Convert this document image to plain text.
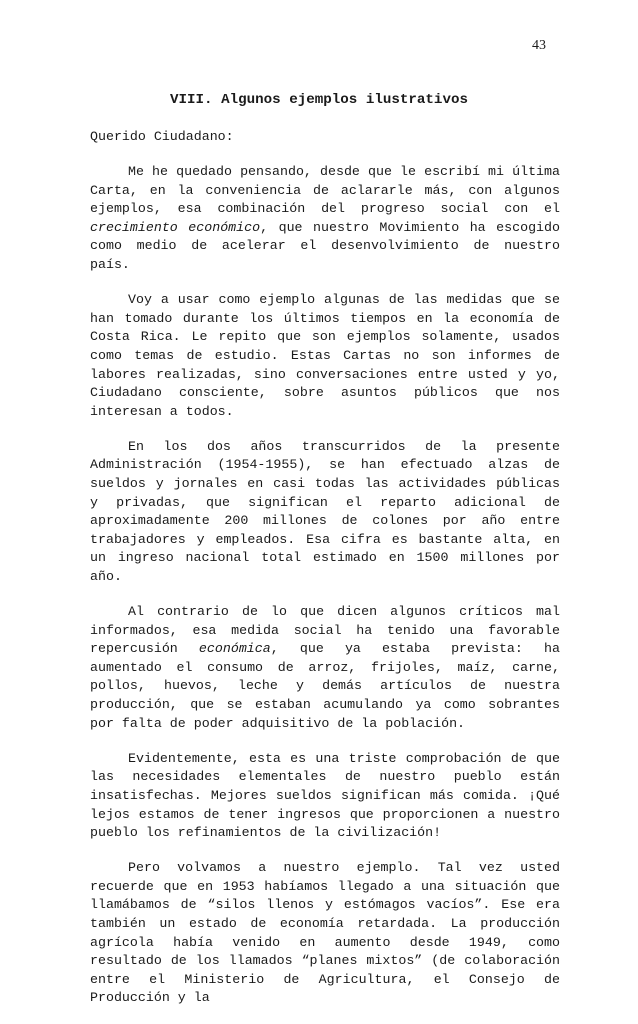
43
VIII. Algunos ejemplos ilustrativos
Querido Ciudadano:

Me he quedado pensando, desde que le escribí mi última Carta, en la conveniencia de aclararle más, con algunos ejemplos, esa combinación del progreso social con el crecimiento económico, que nuestro Movimiento ha escogido como medio de acelerar el desenvolvimiento de nuestro país.

Voy a usar como ejemplo algunas de las medidas que se han tomado durante los últimos tiempos en la economía de Costa Rica. Le repito que son ejemplos solamente, usados como temas de estudio. Estas Cartas no son informes de labores realizadas, sino conversaciones entre usted y yo, Ciudadano consciente, sobre asuntos públicos que nos interesan a todos.

En los dos años transcurridos de la presente Administración (1954-1955), se han efectuado alzas de sueldos y jornales en casi todas las actividades públicas y privadas, que significan el reparto adicional de aproximadamente 200 millones de colones por año entre trabajadores y empleados. Esa cifra es bastante alta, en un ingreso nacional total estimado en 1500 millones por año.

Al contrario de lo que dicen algunos críticos mal informados, esa medida social ha tenido una favorable repercusión económica, que ya estaba prevista: ha aumentado el consumo de arroz, frijoles, maíz, carne, pollos, huevos, leche y demás artículos de nuestra producción, que se estaban acumulando ya como sobrantes por falta de poder adquisitivo de la población.

Evidentemente, esta es una triste comprobación de que las necesidades elementales de nuestro pueblo están insatisfechas. Mejores sueldos significan más comida. ¡Qué lejos estamos de tener ingresos que proporcionen a nuestro pueblo los refinamientos de la civilización!

Pero volvamos a nuestro ejemplo. Tal vez usted recuerde que en 1953 habíamos llegado a una situación que llamábamos de “silos llenos y estómagos vacíos”. Ese era también un estado de economía retardada. La producción agrícola había venido en aumento desde 1949, como resultado de los llamados “planes mixtos” (de colaboración entre el Ministerio de Agricultura, el Consejo de Producción y la
